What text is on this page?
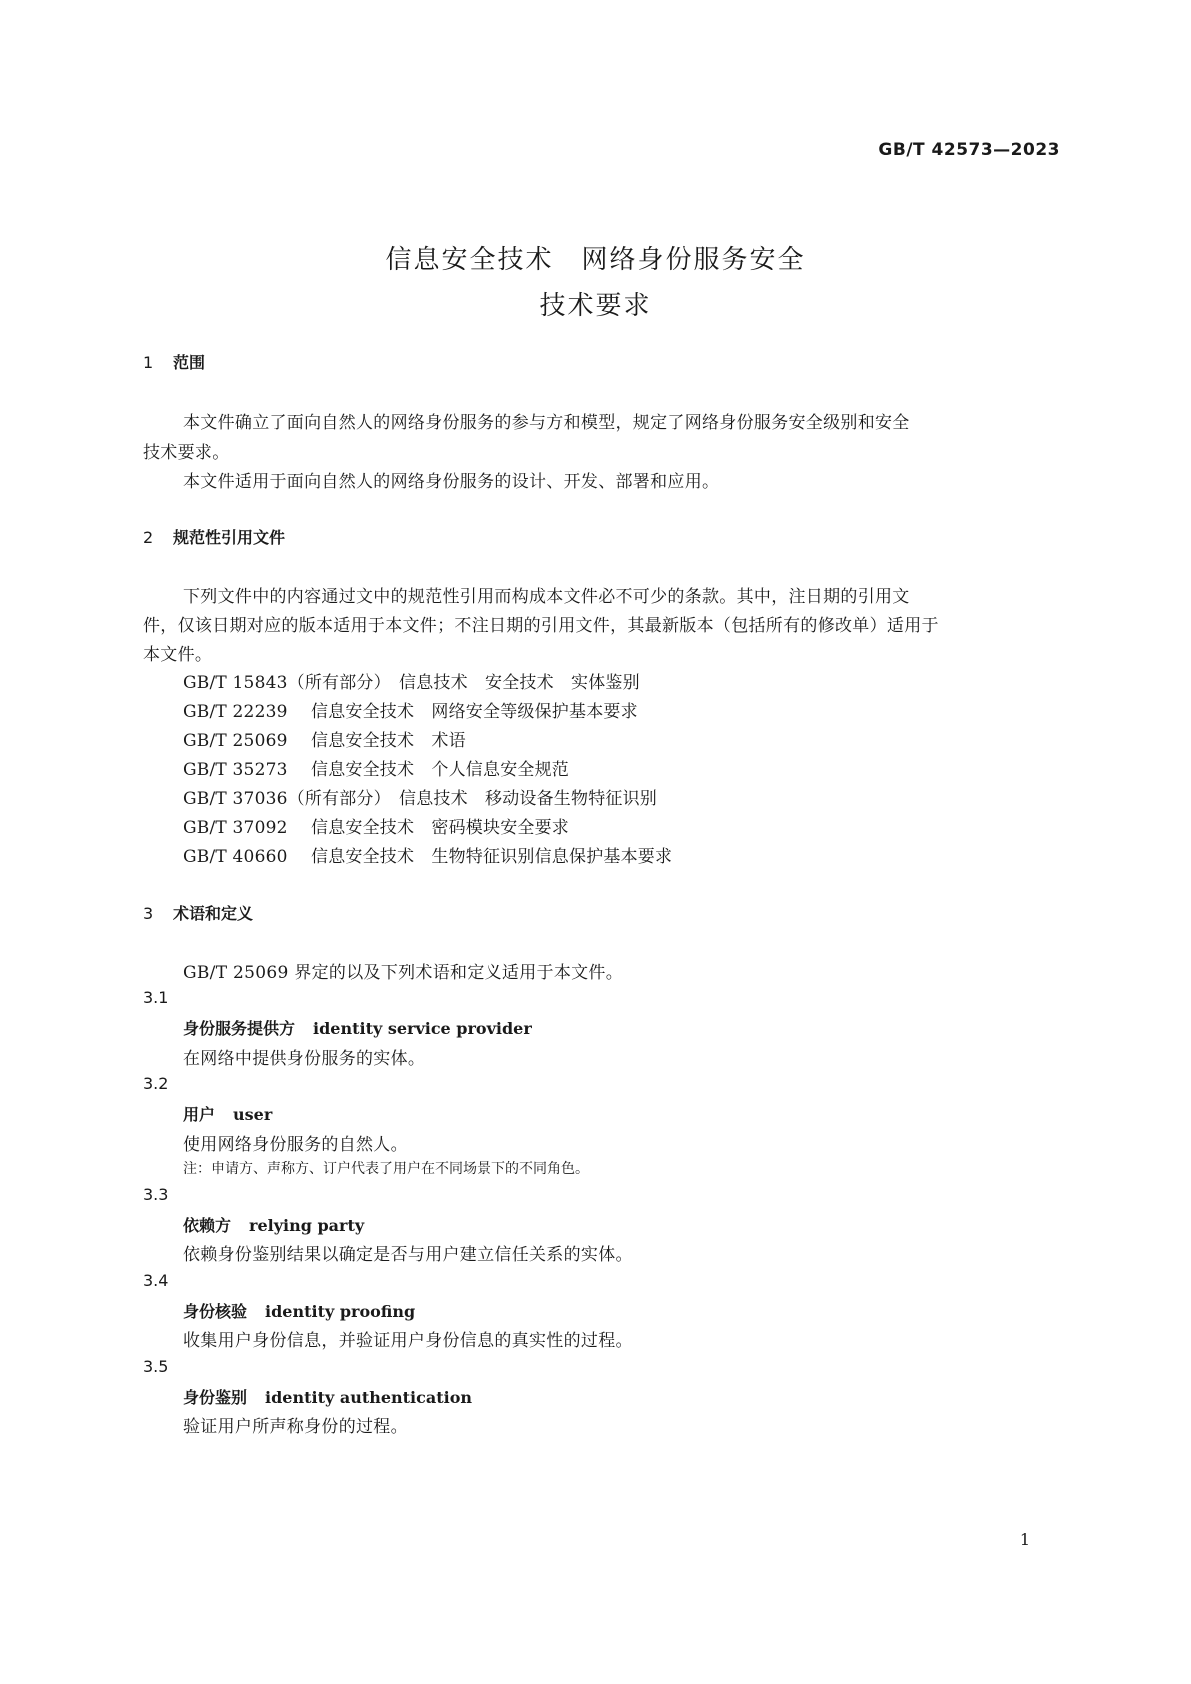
GB/T 42573—2023
信息安全技术　网络身份服务安全
技术要求
1 范围
本文件确立了面向自然人的网络身份服务的参与方和模型，规定了网络身份服务安全级别和安全
技术要求。
本文件适用于面向自然人的网络身份服务的设计、开发、部署和应用。
2 规范性引用文件
下列文件中的内容通过文中的规范性引用而构成本文件必不可少的条款。其中，注日期的引用文
件，仅该日期对应的版本适用于本文件；不注日期的引用文件，其最新版本（包括所有的修改单）适用于
本文件。
GB/T 15843（所有部分） 信息技术　安全技术　实体鉴别
GB/T 22239 信息安全技术　网络安全等级保护基本要求
GB/T 25069 信息安全技术　术语
GB/T 35273 信息安全技术　个人信息安全规范
GB/T 37036（所有部分） 信息技术　移动设备生物特征识别
GB/T 37092 信息安全技术　密码模块安全要求
GB/T 40660 信息安全技术　生物特征识别信息保护基本要求
3 术语和定义
GB/T 25069 界定的以及下列术语和定义适用于本文件。
3.1
身份服务提供方 identity service provider
在网络中提供身份服务的实体。
3.2
用户 user
使用网络身份服务的自然人。
注：申请方、声称方、订户代表了用户在不同场景下的不同角色。
3.3
依赖方 relying party
依赖身份鉴别结果以确定是否与用户建立信任关系的实体。
3.4
身份核验 identity proofing
收集用户身份信息，并验证用户身份信息的真实性的过程。
3.5
身份鉴别 identity authentication
验证用户所声称身份的过程。
1
